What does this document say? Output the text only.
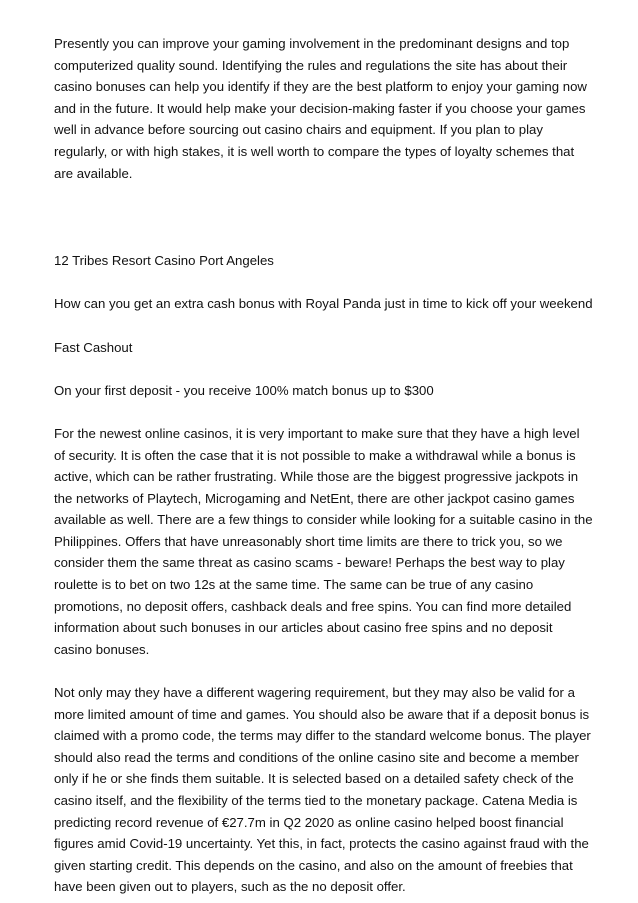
Presently you can improve your gaming involvement in the predominant designs and top computerized quality sound. Identifying the rules and regulations the site has about their casino bonuses can help you identify if they are the best platform to enjoy your gaming now and in the future. It would help make your decision-making faster if you choose your games well in advance before sourcing out casino chairs and equipment. If you plan to play regularly, or with high stakes, it is well worth to compare the types of loyalty schemes that are available.

12 Tribes Resort Casino Port Angeles

How can you get an extra cash bonus with Royal Panda just in time to kick off your weekend

Fast Cashout

On your first deposit - you receive 100% match bonus up to $300

For the newest online casinos, it is very important to make sure that they have a high level of security. It is often the case that it is not possible to make a withdrawal while a bonus is active, which can be rather frustrating. While those are the biggest progressive jackpots in the networks of Playtech, Microgaming and NetEnt, there are other jackpot casino games available as well. There are a few things to consider while looking for a suitable casino in the Philippines. Offers that have unreasonably short time limits are there to trick you, so we consider them the same threat as casino scams - beware! Perhaps the best way to play roulette is to bet on two 12s at the same time. The same can be true of any casino promotions, no deposit offers, cashback deals and free spins. You can find more detailed information about such bonuses in our articles about casino free spins and no deposit casino bonuses.

Not only may they have a different wagering requirement, but they may also be valid for a more limited amount of time and games. You should also be aware that if a deposit bonus is claimed with a promo code, the terms may differ to the standard welcome bonus. The player should also read the terms and conditions of the online casino site and become a member only if he or she finds them suitable. It is selected based on a detailed safety check of the casino itself, and the flexibility of the terms tied to the monetary package. Catena Media is predicting record revenue of €27.7m in Q2 2020 as online casino helped boost financial figures amid Covid-19 uncertainty. Yet this, in fact, protects the casino against fraud with the given starting credit. This depends on the casino, and also on the amount of freebies that have been given out to players, such as the no deposit offer.
